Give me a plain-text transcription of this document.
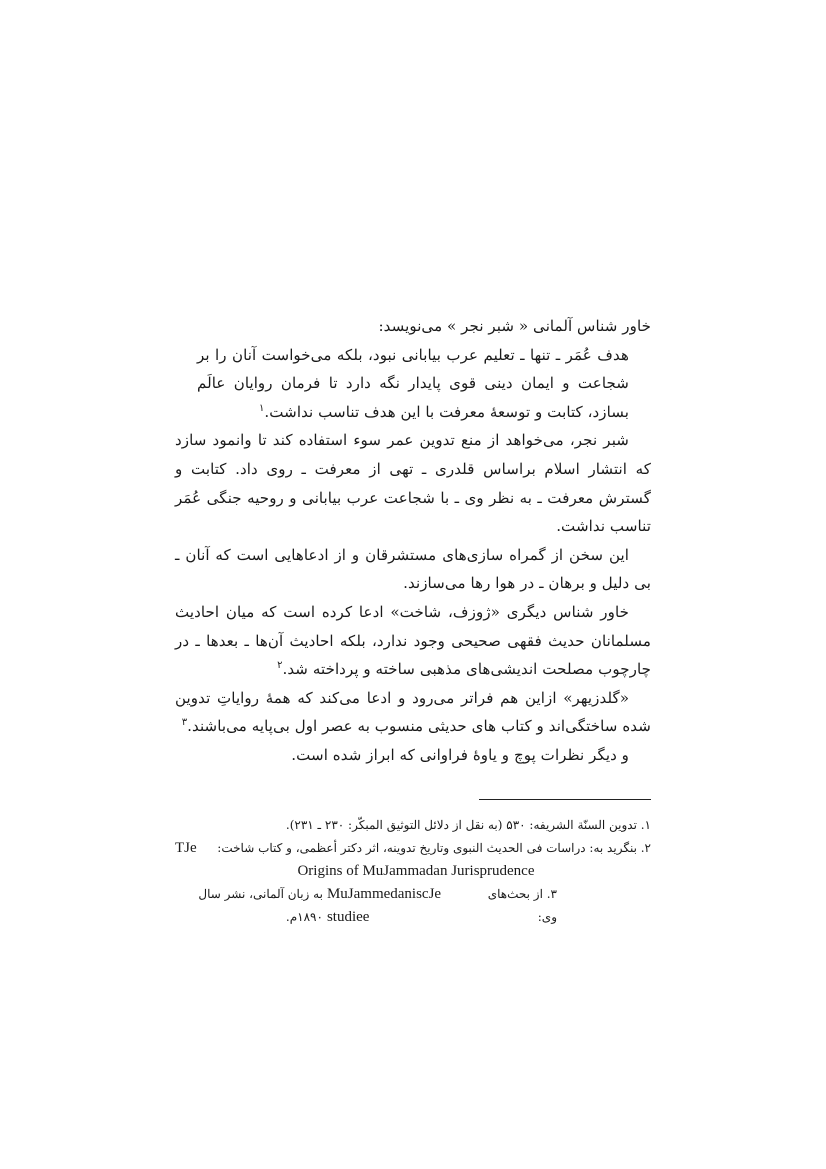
خاور شناس آلمانی « شبر نجر » می‌نویسد:

هدف عُمَر ـ تنها ـ تعلیم عرب بیابانی نبود، بلکه می‌خواست آنان را بر شجاعت و ایمان دینی قوی پایدار نگه دارد تا فرمان روایان عالَم بسازد، کتابت و توسعهٔ معرفت با این هدف تناسب نداشت.$^۱$

شبر نجر، می‌خواهد از منع تدوین عمر سوء استفاده کند تا وانمود سازد که انتشار اسلام براساس قلدری ـ تهی از معرفت ـ روی داد. کتابت و گسترش معرفت ـ به نظر وی ـ با شجاعت عرب بیابانی و روحیه جنگی عُمَر تناسب نداشت.

این سخن از گمراه سازی‌های مستشرقان و از ادعاهایی است که آنان ـ بی دلیل و برهان ـ در هوا رها می‌سازند.

خاور شناس دیگری «ژوزف، شاخت» ادعا کرده است که میان احادیث مسلمانان حدیث فقهی صحیحی وجود ندارد، بلکه احادیث آن‌ها ـ بعدها ـ در چارچوب مصلحت اندیشی‌های مذهبی ساخته و پرداخته شد.$^۲$

«گلدزیهر» ازاین هم فراتر می‌رود و ادعا می‌کند که همهٔ روایاتِ تدوین شده ساختگی‌اند و کتاب های حدیثی منسوب به عصر اول بی‌پایه می‌باشند.$^۳$

و دیگر نظرات پوچ و یاوهٔ فراوانی که ابراز شده است.

۱. تدوین السنّة الشریفه: ۵۳۰ (به نقل از دلائل التوثیق المبکّر: ۲۳۰ ـ ۲۳۱).

۲. بنگرید به: دراسات فی الحدیث النبوی وتاریخ تدوینه، اثر دکتر أعظمی، و کتاب شاخت:
TJe

Origins of MuJammadan Jurisprudence

۳. از بحث‌های وی:
MuJammedaniscJe studiee
به زبان آلمانی، نشر سال ۱۸۹۰م.
